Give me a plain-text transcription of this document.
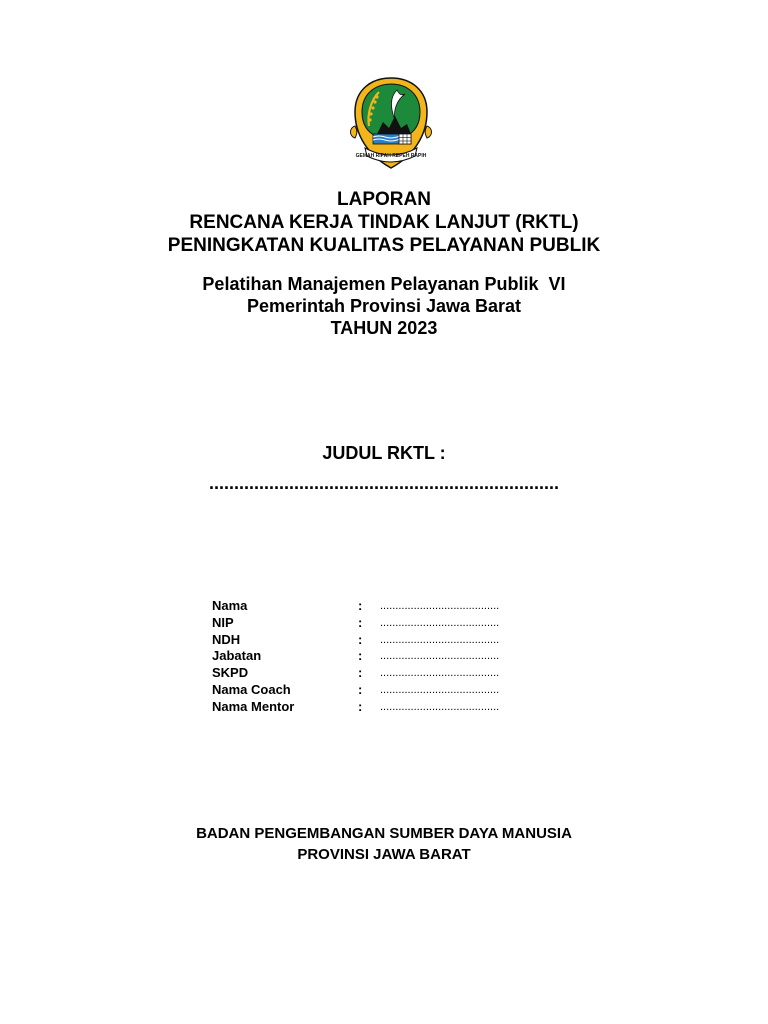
GEMAH RIPAH REPEH RAPIH
LAPORAN
RENCANA KERJA TINDAK LANJUT (RKTL)
PENINGKATAN KUALITAS PELAYANAN PUBLIK
Pelatihan Manajemen Pelayanan Publik  VI
Pemerintah Provinsi Jawa Barat
TAHUN 2023
JUDUL RKTL :
......................................................................
Nama	: .......................................
NIP	: .......................................
NDH	: .......................................
Jabatan	: .......................................
SKPD	: .......................................
Nama Coach	: .......................................
Nama Mentor	: .......................................
BADAN PENGEMBANGAN SUMBER DAYA MANUSIA
PROVINSI JAWA BARAT
